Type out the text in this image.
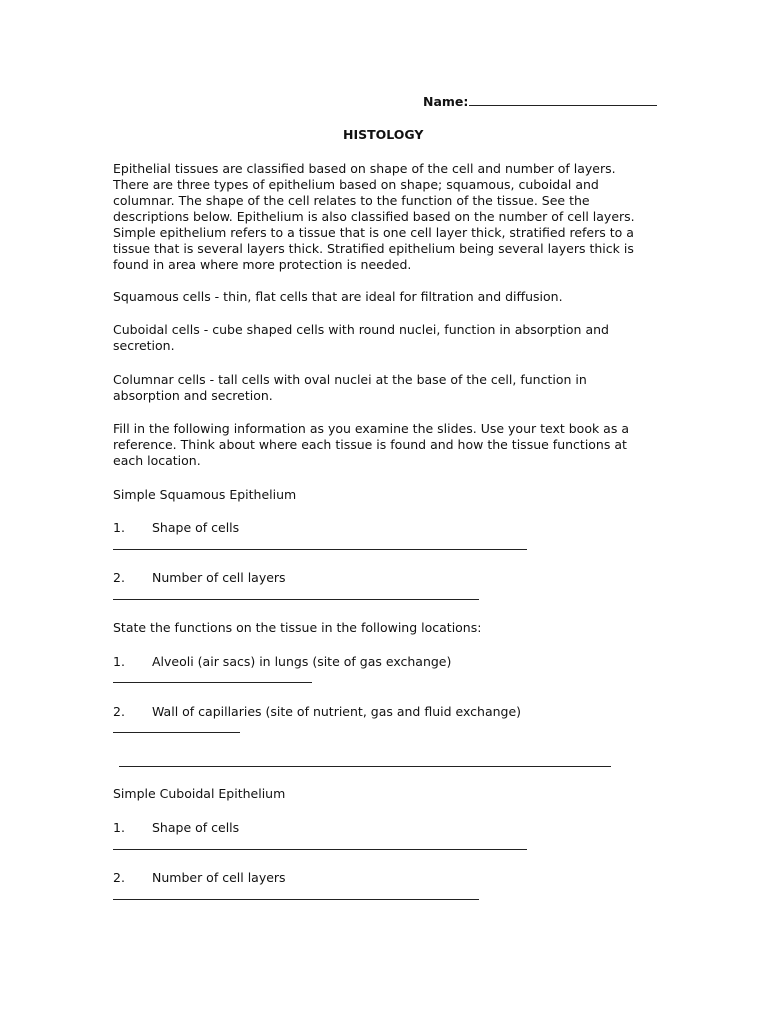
Name:
HISTOLOGY
Epithelial tissues are classified based on shape of the cell and number of layers.
There are three types of epithelium based on shape; squamous, cuboidal and
columnar. The shape of the cell relates to the function of the tissue. See the
descriptions below. Epithelium is also classified based on the number of cell layers.
Simple epithelium refers to a tissue that is one cell layer thick, stratified refers to a
tissue that is several layers thick. Stratified epithelium being several layers thick is
found in area where more protection is needed.
Squamous cells - thin, flat cells that are ideal for filtration and diffusion.
Cuboidal cells - cube shaped cells with round nuclei, function in absorption and
secretion.
Columnar cells - tall cells with oval nuclei at the base of the cell, function in
absorption and secretion.
Fill in the following information as you examine the slides. Use your text book as a
reference. Think about where each tissue is found and how the tissue functions at
each location.
Simple Squamous Epithelium
1. Shape of cells
2. Number of cell layers
State the functions on the tissue in the following locations:
1. Alveoli (air sacs) in lungs (site of gas exchange)
2. Wall of capillaries (site of nutrient, gas and fluid exchange)
Simple Cuboidal Epithelium
1. Shape of cells
2. Number of cell layers
